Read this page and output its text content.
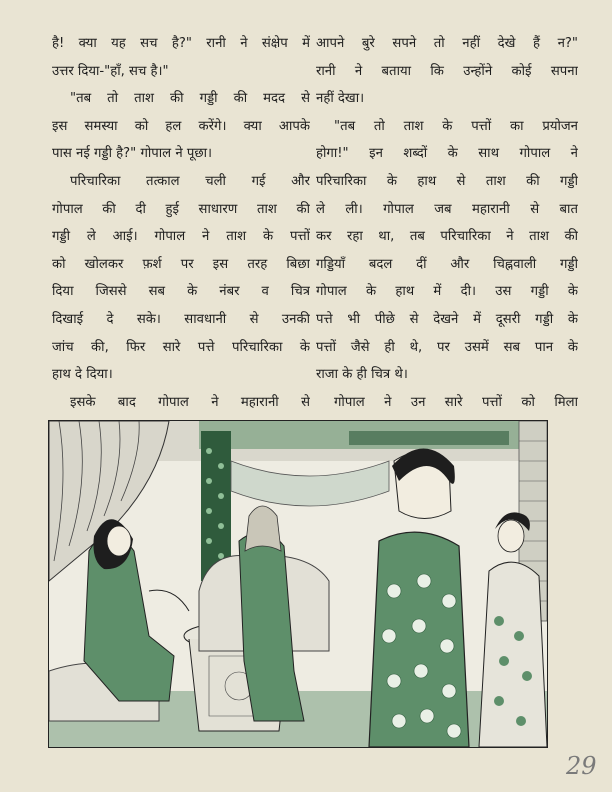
है! क्या यह सच है?" रानी ने संक्षेप में
उत्तर दिया-"हाँ, सच है।"

"तब तो ताश की गड्डी की मदद से
इस समस्या को हल करेंगे। क्या आपके
पास नई गड्डी है?" गोपाल ने पूछा।

परिचारिका तत्काल चली गई और
गोपाल की दी हुई साधारण ताश की
गड्डी ले आई। गोपाल ने ताश के पत्तों
को खोलकर फ़र्श पर इस तरह बिछा
दिया जिससे सब के नंबर व चित्र
दिखाई दे सके। सावधानी से उनकी
जांच की, फिर सारे पत्ते परिचारिका के
हाथ दे दिया।

इसके बाद गोपाल ने महारानी से

आपने बुरे सपने तो नहीं देखे हैं न?"
रानी ने बताया कि उन्होंने कोई सपना
नहीं देखा।

"तब तो ताश के पत्तों का प्रयोजन
होगा!" इन शब्दों के साथ गोपाल ने
परिचारिका के हाथ से ताश की गड्डी
ले ली। गोपाल जब महारानी से बात
कर रहा था, तब परिचारिका ने ताश की
गड्डियाँ बदल दीं और चिह्नवाली गड्डी
गोपाल के हाथ में दी। उस गड्डी के
पत्ते भी पीछे से देखने में दूसरी गड्डी के
पत्तों जैसे ही थे, पर उसमें सब पान के
राजा के ही चित्र थे।

गोपाल ने उन सारे पत्तों को मिला

29
